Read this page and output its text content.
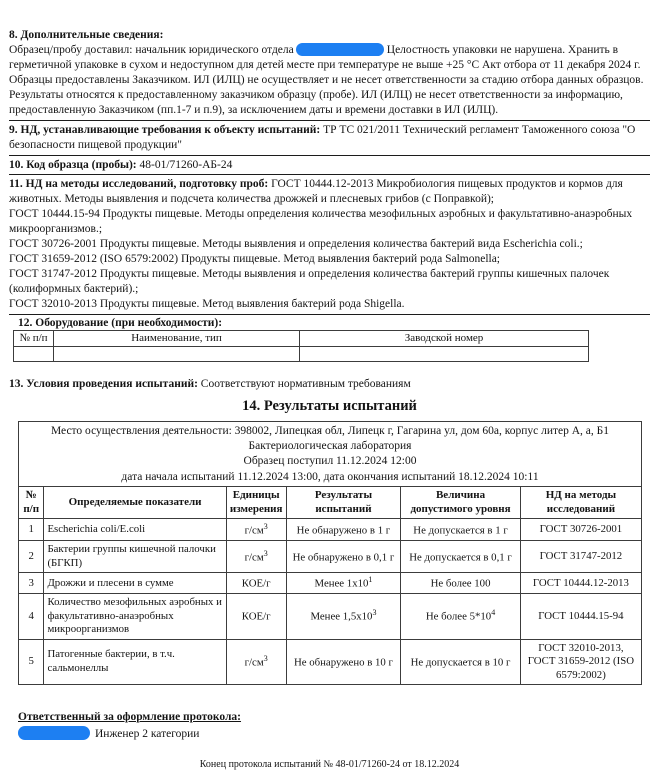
8. Дополнительные сведения:
Образец/пробу доставил: начальник юридического отдела	Целостность упаковки не нарушена. Хранить в герметичной упаковке в сухом и недоступном для детей месте при температуре не выше +25 °С Акт отбора от 11 декабря 2024 г.
Образцы предоставлены Заказчиком. ИЛ (ИЛЦ) не осуществляет и не несет ответственности за стадию отбора данных образцов. Результаты относятся к предоставленному заказчиком образцу (пробе). ИЛ (ИЛЦ) не несет ответственности за информацию, предоставленную Заказчиком (пп.1-7 и п.9), за исключением даты и времени доставки в ИЛ (ИЛЦ).
9. НД, устанавливающие требования к объекту испытаний: ТР ТС 021/2011 Технический регламент Таможенного союза "О безопасности пищевой продукции"
10. Код образца (пробы): 48-01/71260-АБ-24
11. НД на методы исследований, подготовку проб: ГОСТ 10444.12-2013 Микробиология пищевых продуктов и кормов для животных. Методы выявления и подсчета количества дрожжей и плесневых грибов (с Поправкой);
ГОСТ 10444.15-94 Продукты пищевые. Методы определения количества мезофильных аэробных и факультативно-анаэробных микроорганизмов.;
ГОСТ 30726-2001 Продукты пищевые. Методы выявления и определения количества бактерий вида Escherichia coli.;
ГОСТ 31659-2012 (ISO 6579:2002) Продукты пищевые. Метод выявления бактерий рода Salmonella;
ГОСТ 31747-2012 Продукты пищевые. Методы выявления и определения количества бактерий группы кишечных палочек (колиформных бактерий).;
ГОСТ 32010-2013 Продукты пищевые. Метод выявления бактерий рода Shigella.
12. Оборудование (при необходимости):
№ п/п	Наименование, тип	Заводской номер

13. Условия проведения испытаний: Соответствуют нормативным требованиям
14. Результаты испытаний
Место осуществления деятельности: 398002, Липецкая обл, Липецк г, Гагарина ул, дом 60а, корпус литер А, а, Б1
Бактериологическая лаборатория
Образец поступил 11.12.2024 12:00
дата начала испытаний 11.12.2024 13:00, дата окончания испытаний 18.12.2024 10:11
№ п/п	Определяемые показатели	Единицы измерения	Результаты испытаний	Величина допустимого уровня	НД на методы исследований
1	Escherichia coli/E.coli	$г/см^3$	Не обнаружено в 1 г	Не допускается в 1 г	ГОСТ 30726-2001
2	Бактерии группы кишечной палочки (БГКП)	$г/см^3$	Не обнаружено в 0,1 г	Не допускается в 0,1 г	ГОСТ 31747-2012
3	Дрожжи и плесени в сумме	КОЕ/г	Менее $1x10^1$	Не более 100	ГОСТ 10444.12-2013
4	Количество мезофильных аэробных и факультативно-анаэробных микроорганизмов	КОЕ/г	Менее $1,5x10^3$	Не более $5*10^4$	ГОСТ 10444.15-94
5	Патогенные бактерии, в т.ч. сальмонеллы	$г/см^3$	Не обнаружено в 10 г	Не допускается в 10 г	ГОСТ 32010-2013, ГОСТ 31659-2012 (ISO 6579:2002)
Ответственный за оформление протокола:
Инженер 2 категории
Конец протокола испытаний № 48-01/71260-24 от 18.12.2024
